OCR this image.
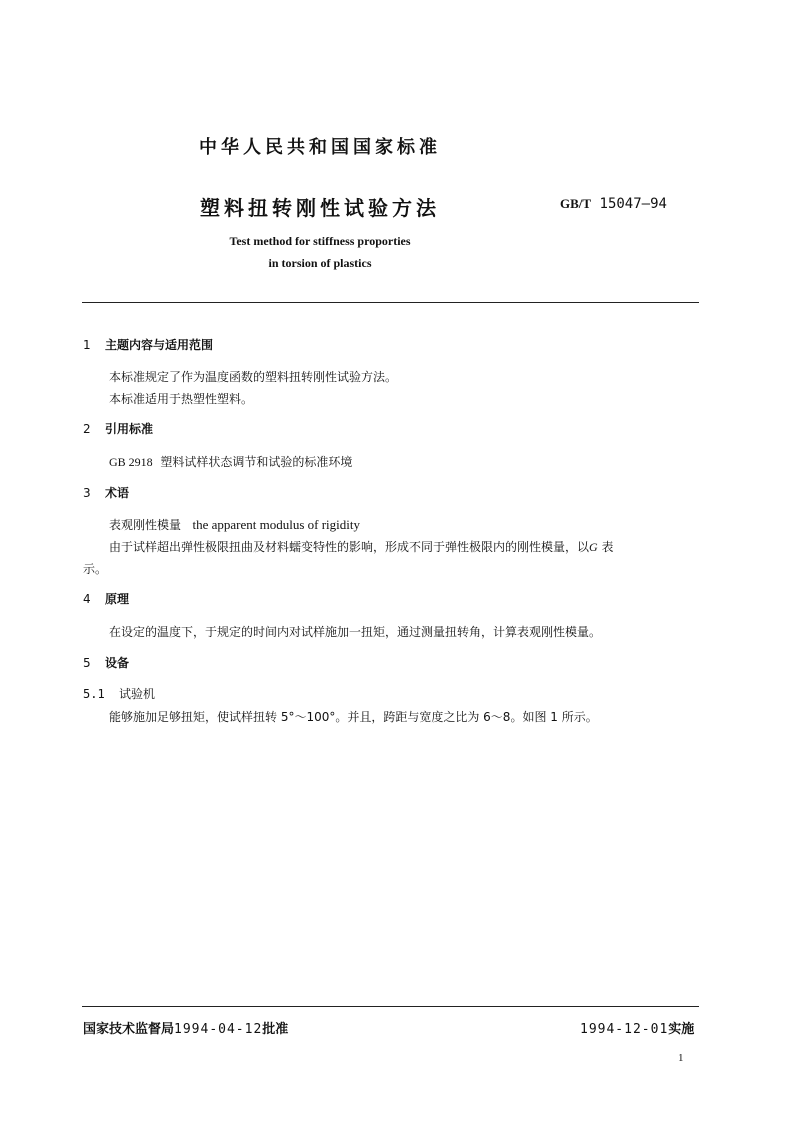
中华人民共和国国家标准
塑料扭转刚性试验方法	GB/T 15047—94
Test method for stiffness proporties
in torsion of plastics
1 主题内容与适用范围
本标准规定了作为温度函数的塑料扭转刚性试验方法。
本标准适用于热塑性塑料。
2 引用标准
GB 2918 塑料试样状态调节和试验的标准环境
3 术语
表观刚性模量 the apparent modulus of rigidity
由于试样超出弹性极限扭曲及材料蠕变特性的影响，形成不同于弹性极限内的刚性模量，以G 表
示。
4 原理
在设定的温度下，于规定的时间内对试样施加一扭矩，通过测量扭转角，计算表观刚性模量。
5 设备
5.1 试验机
能够施加足够扭矩，使试样扭转 5°～100°。并且，跨距与宽度之比为 6～8。如图 1 所示。
国家技术监督局1994-04-12批准	1994-12-01实施
1
